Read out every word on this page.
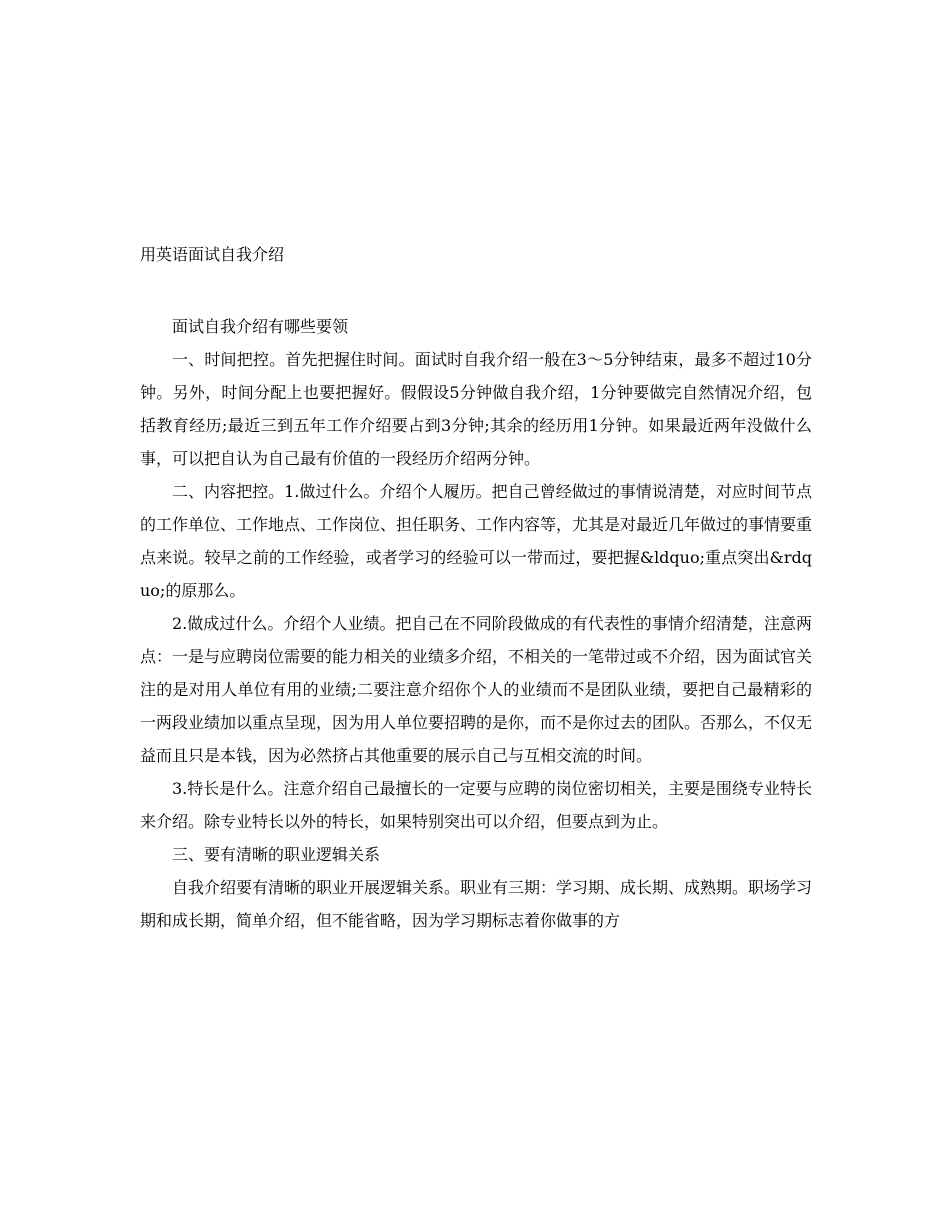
用英语面试自我介绍

面试自我介绍有哪些要领

一、时间把控。首先把握住时间。面试时自我介绍一般在3～5分钟结束，最多不超过10分钟。另外，时间分配上也要把握好。假假设5分钟做自我介绍，1分钟要做完自然情况介绍，包括教育经历;最近三到五年工作介绍要占到3分钟;其余的经历用1分钟。如果最近两年没做什么事，可以把自认为自己最有价值的一段经历介绍两分钟。

二、内容把控。1.做过什么。介绍个人履历。把自己曾经做过的事情说清楚，对应时间节点的工作单位、工作地点、工作岗位、担任职务、工作内容等，尤其是对最近几年做过的事情要重点来说。较早之前的工作经验，或者学习的经验可以一带而过，要把握&ldquo;重点突出&rdquo;的原那么。

2.做成过什么。介绍个人业绩。把自己在不同阶段做成的有代表性的事情介绍清楚，注意两点：一是与应聘岗位需要的能力相关的业绩多介绍，不相关的一笔带过或不介绍，因为面试官关注的是对用人单位有用的业绩;二要注意介绍你个人的业绩而不是团队业绩，要把自己最精彩的一两段业绩加以重点呈现，因为用人单位要招聘的是你，而不是你过去的团队。否那么，不仅无益而且只是本钱，因为必然挤占其他重要的展示自己与互相交流的时间。

3.特长是什么。注意介绍自己最擅长的一定要与应聘的岗位密切相关，主要是围绕专业特长来介绍。除专业特长以外的特长，如果特别突出可以介绍，但要点到为止。

三、要有清晰的职业逻辑关系

自我介绍要有清晰的职业开展逻辑关系。职业有三期：学习期、成长期、成熟期。职场学习期和成长期，简单介绍，但不能省略，因为学习期标志着你做事的方
